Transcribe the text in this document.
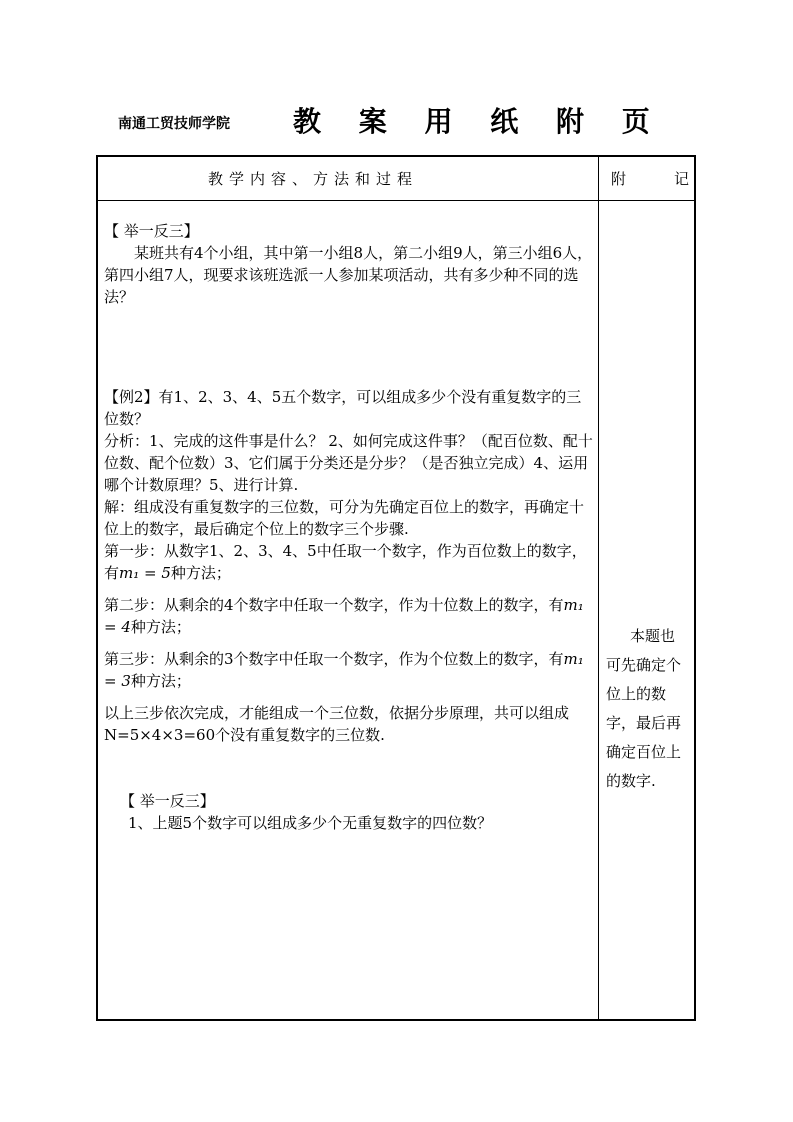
南通工贸技师学院 教 案 用 纸 附 页
教学内容、方法和过程	附	记

【 举一反三】

某班共有4个小组，其中第一小组8人，第二小组9人，第三小组6人，第四小组7人，现要求该班选派一人参加某项活动，共有多少种不同的选法？

【例2】有1、2、3、4、5五个数字，可以组成多少个没有重复数字的三位数？

分析：1、完成的这件事是什么？ 2、如何完成这件事？（配百位数、配十位数、配个位数）3、它们属于分类还是分步？（是否独立完成）4、运用哪个计数原理？5、进行计算.

解：组成没有重复数字的三位数，可分为先确定百位上的数字，再确定十位上的数字，最后确定个位上的数字三个步骤.

第一步：从数字1、2、3、4、5中任取一个数字，作为百位数上的数字，有m₁ = 5种方法；

第二步：从剩余的4个数字中任取一个数字，作为十位数上的数字，有m₁ = 4种方法；

第三步：从剩余的3个数字中任取一个数字，作为个位数上的数字，有m₁ = 3种方法；

以上三步依次完成，才能组成一个三位数，依据分步原理，共可以组成N=5×4×3=60个没有重复数字的三位数.

【 举一反三】

1、上题5个数字可以组成多少个无重复数字的四位数？

本题也
可先确定个
位上的数
字，最后再
确定百位上
的数字.
